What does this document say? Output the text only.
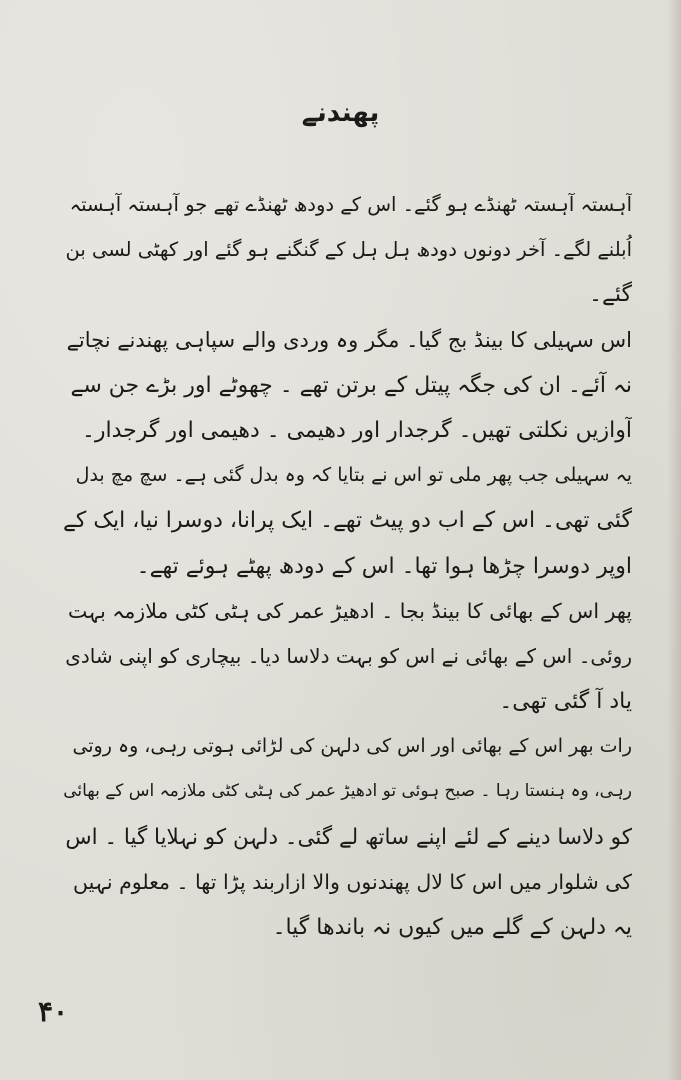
پھندنے

آہستہ آہستہ ٹھنڈے ہو گئے۔ اس کے دودھ ٹھنڈے تھے جو آہستہ آہستہ
اُبلنے لگے۔ آخر دونوں دودھ ہل ہل کے گنگنے ہو گئے اور کھٹی لسی بن
گئے۔

اس سہیلی کا بینڈ بج گیا۔ مگر وہ وردی والے سپاہی پھندنے نچاتے
نہ آئے۔ ان کی جگہ پیتل کے برتن تھے ۔ چھوٹے اور بڑے جن سے
آوازیں نکلتی تھیں۔ گرجدار اور دھیمی ۔ دھیمی اور گرجدار۔

یہ سہیلی جب پھر ملی تو اس نے بتایا کہ وہ بدل گئی ہے۔ سچ مچ بدل
گئی تھی۔ اس کے اب دو پیٹ تھے۔ ایک پرانا، دوسرا نیا، ایک کے
اوپر دوسرا چڑھا ہوا تھا۔ اس کے دودھ پھٹے ہوئے تھے۔

پھر اس کے بھائی کا بینڈ بجا ۔ ادھیڑ عمر کی ہٹی کٹی ملازمہ بہت
روئی۔ اس کے بھائی نے اس کو بہت دلاسا دیا۔ بیچاری کو اپنی شادی
یاد آ گئی تھی۔

رات بھر اس کے بھائی اور اس کی دلہن کی لڑائی ہوتی رہی، وہ روتی
رہی، وہ ہنستا رہا ۔ صبح ہوئی تو ادھیڑ عمر کی ہٹی کٹی ملازمہ اس کے بھائی
کو دلاسا دینے کے لئے اپنے ساتھ لے گئی۔ دلہن کو نہلایا گیا ۔ اس
کی شلوار میں اس کا لال پھندنوں والا ازاربند پڑا تھا ۔ معلوم نہیں
یہ دلہن کے گلے میں کیوں نہ باندھا گیا۔

۴۰
